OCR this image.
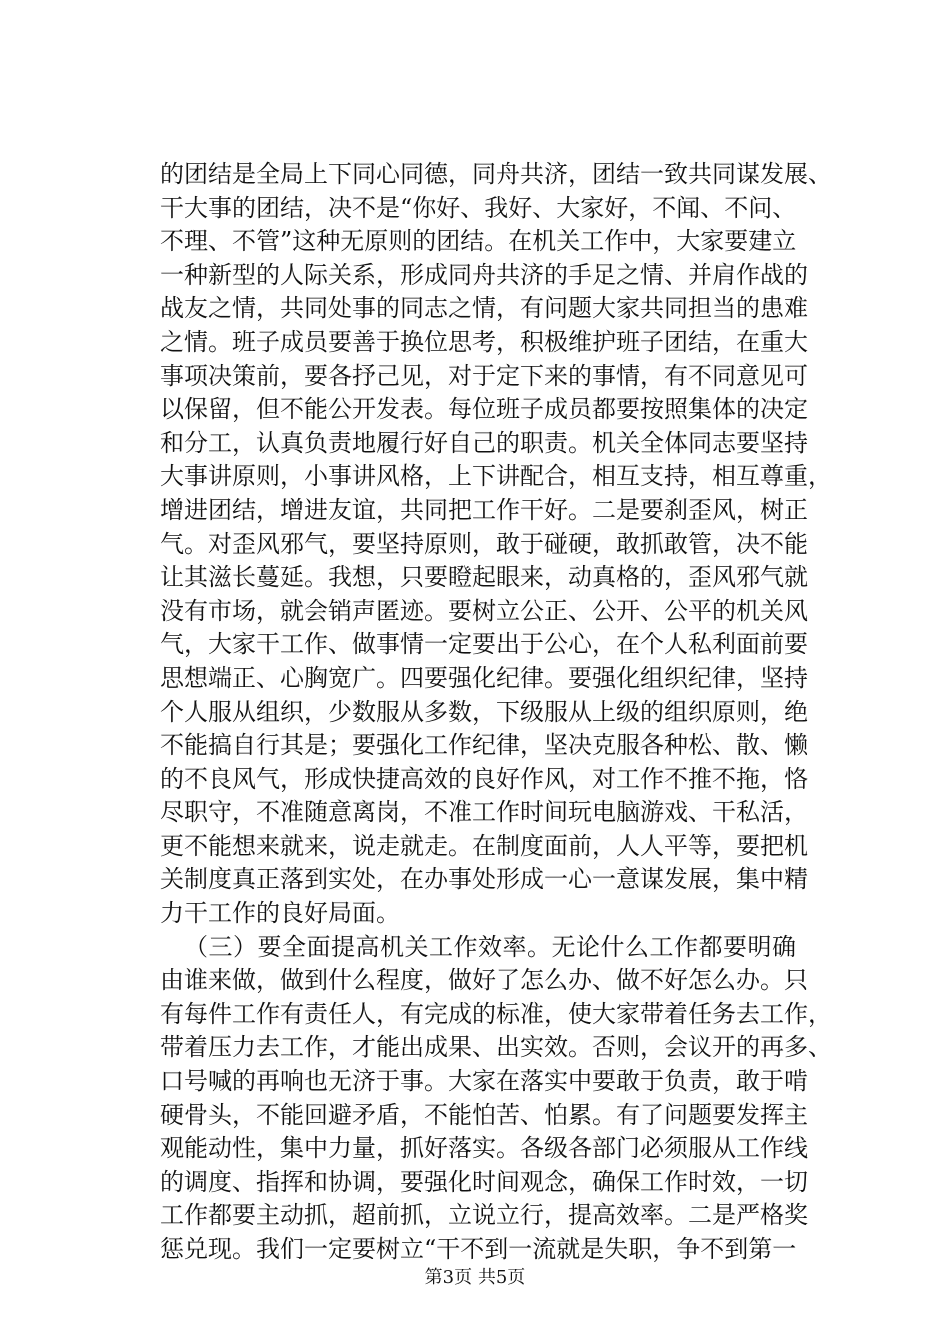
的团结是全局上下同心同德，同舟共济，团结一致共同谋发展、
干大事的团结，决不是“你好、我好、大家好，不闻、不问、
不理、不管”这种无原则的团结。在机关工作中，大家要建立
一种新型的人际关系，形成同舟共济的手足之情、并肩作战的
战友之情，共同处事的同志之情，有问题大家共同担当的患难
之情。班子成员要善于换位思考，积极维护班子团结，在重大
事项决策前，要各抒己见，对于定下来的事情，有不同意见可
以保留，但不能公开发表。每位班子成员都要按照集体的决定
和分工，认真负责地履行好自己的职责。机关全体同志要坚持
大事讲原则，小事讲风格，上下讲配合，相互支持，相互尊重，
增进团结，增进友谊，共同把工作干好。二是要刹歪风，树正
气。对歪风邪气，要坚持原则，敢于碰硬，敢抓敢管，决不能
让其滋长蔓延。我想，只要瞪起眼来，动真格的，歪风邪气就
没有市场，就会销声匿迹。要树立公正、公开、公平的机关风
气，大家干工作、做事情一定要出于公心，在个人私利面前要
思想端正、心胸宽广。四要强化纪律。要强化组织纪律，坚持
个人服从组织，少数服从多数，下级服从上级的组织原则，绝
不能搞自行其是；要强化工作纪律，坚决克服各种松、散、懒
的不良风气，形成快捷高效的良好作风，对工作不推不拖，恪
尽职守，不准随意离岗，不准工作时间玩电脑游戏、干私活，
更不能想来就来，说走就走。在制度面前，人人平等，要把机
关制度真正落到实处，在办事处形成一心一意谋发展，集中精
力干工作的良好局面。
（三）要全面提高机关工作效率。无论什么工作都要明确
由谁来做，做到什么程度，做好了怎么办、做不好怎么办。只
有每件工作有责任人，有完成的标准，使大家带着任务去工作，
带着压力去工作，才能出成果、出实效。否则，会议开的再多、
口号喊的再响也无济于事。大家在落实中要敢于负责，敢于啃
硬骨头，不能回避矛盾，不能怕苦、怕累。有了问题要发挥主
观能动性，集中力量，抓好落实。各级各部门必须服从工作线
的调度、指挥和协调，要强化时间观念，确保工作时效，一切
工作都要主动抓，超前抓，立说立行，提高效率。二是严格奖
惩兑现。我们一定要树立“干不到一流就是失职，争不到第一
第3页 共5页
